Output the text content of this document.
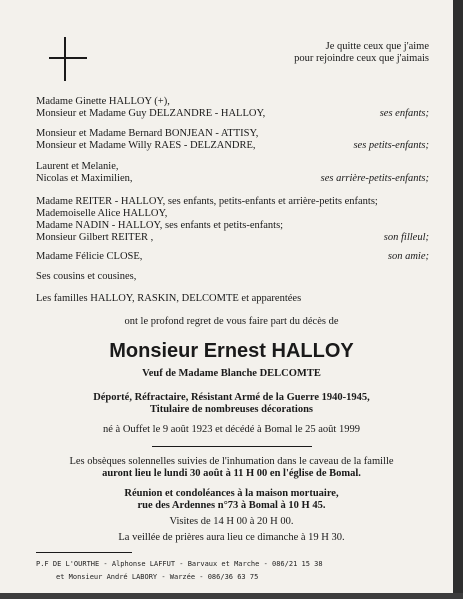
Je quitte ceux que j'aime
pour rejoindre ceux que j'aimais
Madame Ginette HALLOY (+),
Monsieur et Madame Guy DELZANDRE - HALLOY,	ses enfants;
Monsieur et Madame Bernard BONJEAN - ATTISY,
Monsieur et Madame Willy RAES - DELZANDRE,	ses petits-enfants;
Laurent et Melanie,
Nicolas et Maximilien,	ses arrière-petits-enfants;
Madame REITER - HALLOY, ses enfants, petits-enfants et arrière-petits enfants;
Mademoiselle Alice HALLOY,
Madame NADIN - HALLOY, ses enfants et petits-enfants;
Monsieur Gilbert REITER ,	son filleul;
Madame Félicie CLOSE,	son amie;
Ses cousins et cousines,
Les familles HALLOY, RASKIN, DELCOMTE et apparentées
ont le profond regret de vous faire part du décès de
Monsieur Ernest HALLOY
Veuf de Madame Blanche DELCOMTE
Déporté, Réfractaire, Résistant Armé de la Guerre 1940-1945,
Titulaire de nombreuses décorations
né à Ouffet le 9 août 1923 et décédé à Bomal le 25 août 1999
Les obsèques solennelles suivies de l'inhumation dans le caveau de la famille
auront lieu le lundi 30 août à 11 H 00 en l'église de Bomal.
Réunion et condoléances à la maison mortuaire,
rue des Ardennes n°73 à Bomal à 10 H 45.
Visites de 14 H 00 à 20 H 00.
La veillée de prières aura lieu ce dimanche à 19 H 30.
P.F DE L'OURTHE - Alphonse LAFFUT - Barvaux et Marche - 086/21 15 38
et Monsieur André LABORY - Warzée - 086/36 63 75
